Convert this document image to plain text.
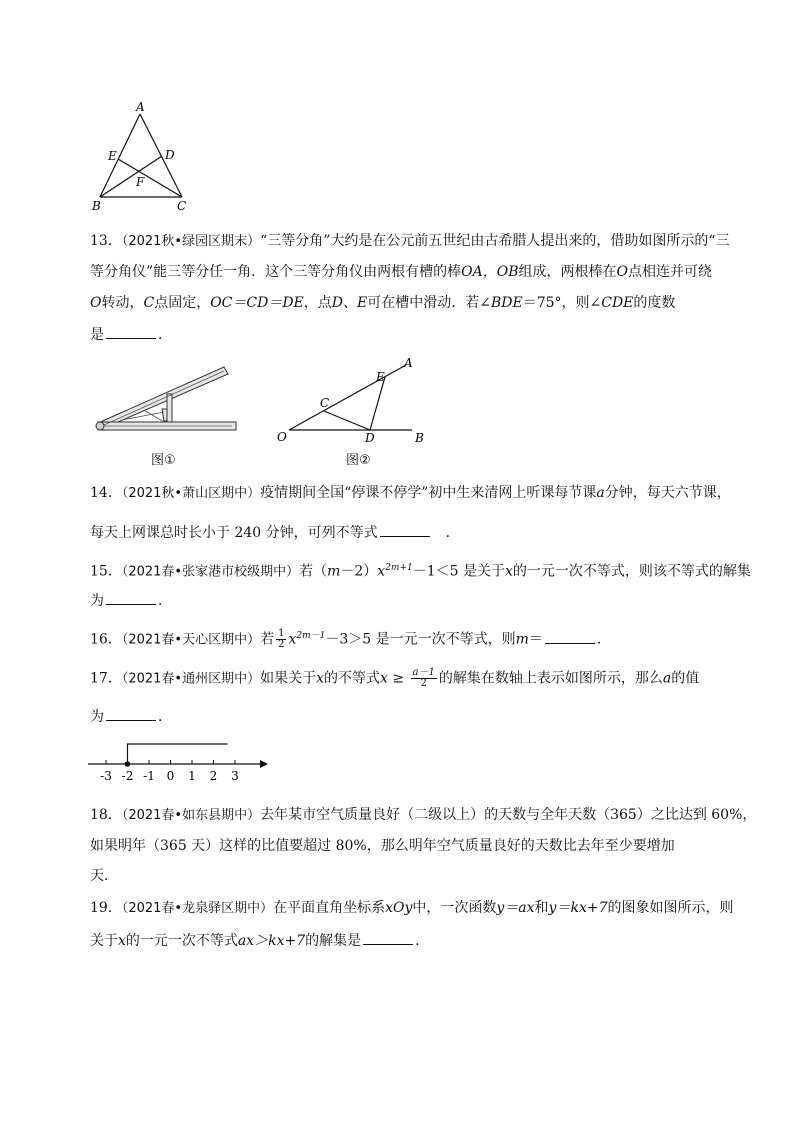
A
E	D
F
B	C
13．（2021秋•绿园区期末）“三等分角”大约是在公元前五世纪由古希腊人提出来的，借助如图所示的“三
等分角仪”能三等分任一角．这个三等分角仪由两根有槽的棒OA，OB组成，两根棒在O点相连并可绕
O转动，C点固定，OC＝CD＝DE，点D、E可在槽中滑动．若∠BDE＝75°，则∠CDE的度数
是	．
图①
A
E
C
O	D	B
图②
14．（2021秋•萧山区期中）疫情期间全国“停课不停学”初中生来清网上听课每节课a分钟，每天六节课，
每天上网课总时长小于 240 分钟，可列不等式	．
15．（2021春•张家港市校级期中）若$(m-2)x^{2m+1}-1<5$ 是关于x的一元一次不等式，则该不等式的解集
为	．
16．（2021春•天心区期中）若 $\frac{1}{2} x^{2m-1}-3>5$ 是一元一次不等式，则m＝	．
17．（2021春•通州区期中）如果关于x的不等式$x \ge \frac{a-1}{2}$ 的解集在数轴上表示如图所示，那么a的值
为	．
-3 -2 -1 0 1 2 3
18．（2021春•如东县期中）去年某市空气质量良好（二级以上）的天数与全年天数（365）之比达到 60%，
如果明年（365 天）这样的比值要超过 80%，那么明年空气质量良好的天数比去年至少要增加
天．
19．（2021春•龙泉驿区期中）在平面直角坐标系xOy中，一次函数y＝ax和y＝kx+7的图象如图所示，则
关于x的一元一次不等式ax＞kx+7的解集是	．
